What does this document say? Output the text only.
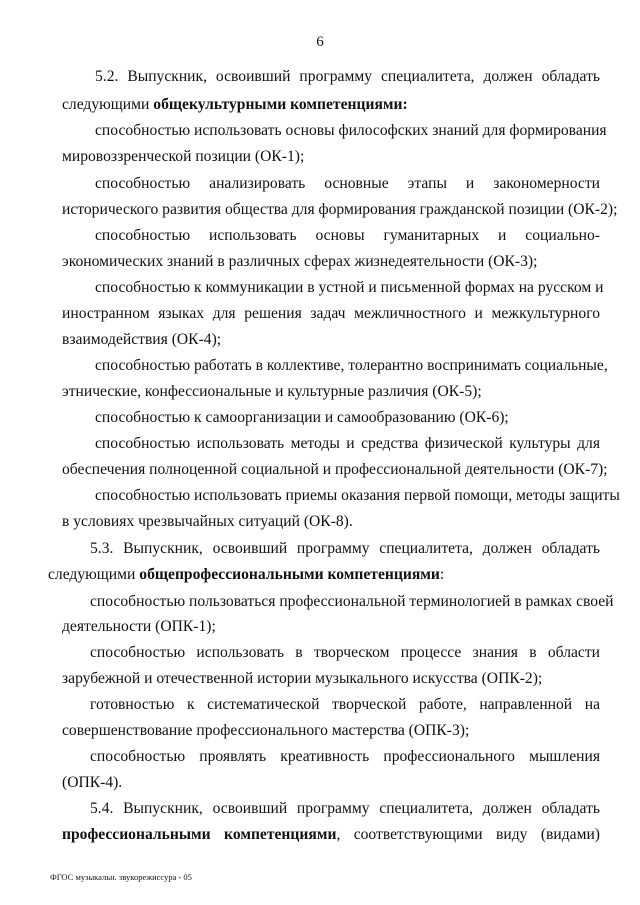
6
5.2. Выпускник, освоивший программу специалитета, должен обладать
следующими общекультурными компетенциями:
способностью использовать основы философских знаний для формирования
мировоззренческой позиции (ОК-1);
способностью анализировать основные этапы и закономерности
исторического развития общества для формирования гражданской позиции (ОК-2);
способностью использовать основы гуманитарных и социально-
экономических знаний в различных сферах жизнедеятельности (ОК-3);
способностью к коммуникации в устной и письменной формах на русском и
иностранном языках для решения задач межличностного и межкультурного
взаимодействия (ОК-4);
способностью работать в коллективе, толерантно воспринимать социальные,
этнические, конфессиональные и культурные различия (ОК-5);
способностью к самоорганизации и самообразованию (ОК-6);
способностью использовать методы и средства физической культуры для
обеспечения полноценной социальной и профессиональной деятельности (ОК-7);
способностью использовать приемы оказания первой помощи, методы защиты
в условиях чрезвычайных ситуаций (ОК-8).
5.3. Выпускник, освоивший программу специалитета, должен обладать
следующими общепрофессиональными компетенциями:
способностью пользоваться профессиональной терминологией в рамках своей
деятельности (ОПК-1);
способностью использовать в творческом процессе знания в области
зарубежной и отечественной истории музыкального искусства (ОПК-2);
готовностью к систематической творческой работе, направленной на
совершенствование профессионального мастерства (ОПК-3);
способностью проявлять креативность профессионального мышления
(ОПК-4).
5.4. Выпускник, освоивший программу специалитета, должен обладать
профессиональными компетенциями, соответствующими виду (видами)
ФГОС музыкальн. звукорежиссура - 05
